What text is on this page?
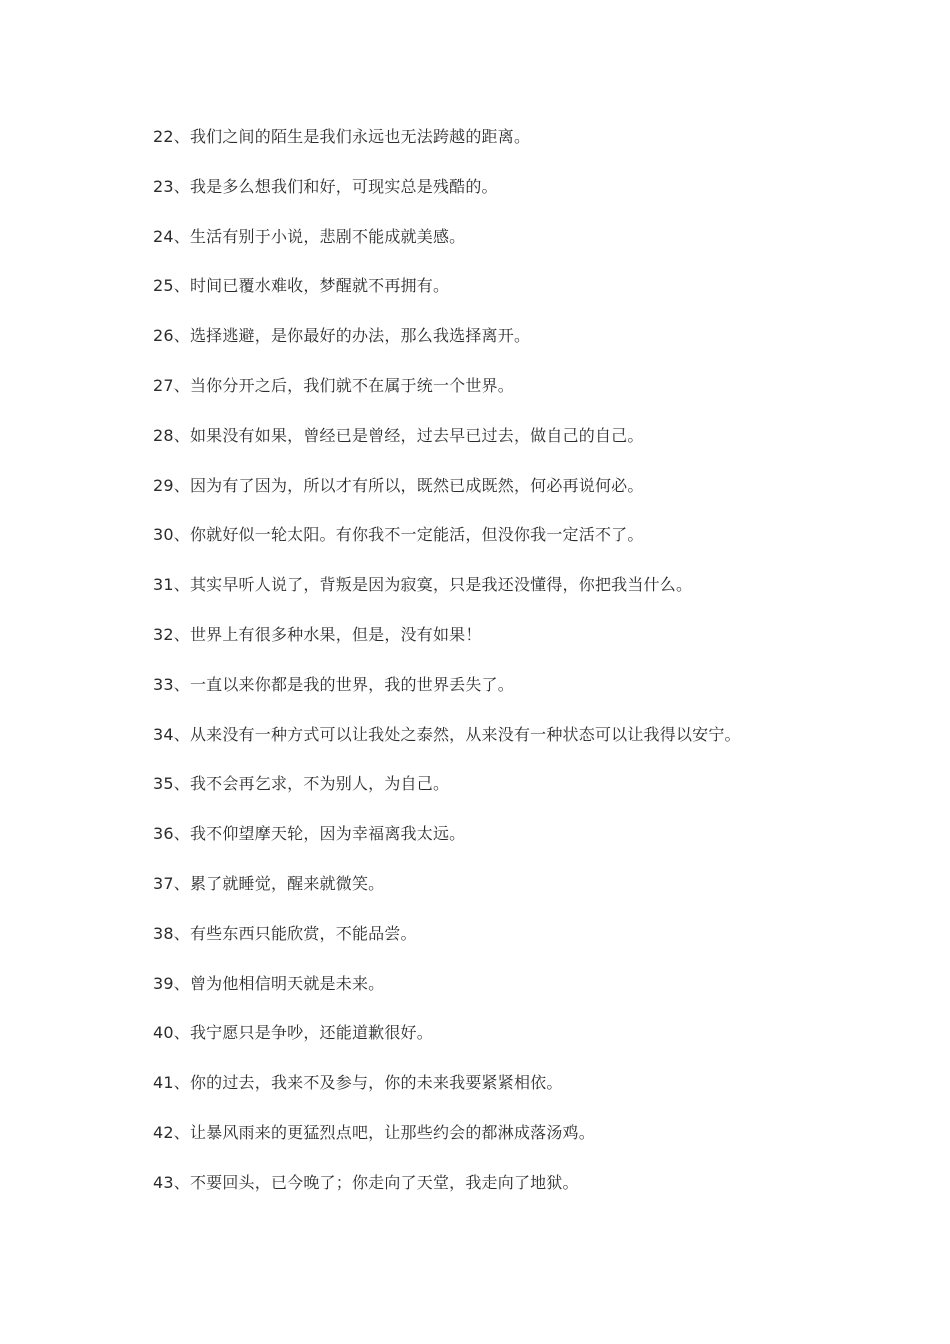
22、我们之间的陌生是我们永远也无法跨越的距离。
23、我是多么想我们和好，可现实总是残酷的。
24、生活有别于小说，悲剧不能成就美感。
25、时间已覆水难收，梦醒就不再拥有。
26、选择逃避，是你最好的办法，那么我选择离开。
27、当你分开之后，我们就不在属于统一个世界。
28、如果没有如果，曾经已是曾经，过去早已过去，做自己的自己。
29、因为有了因为，所以才有所以，既然已成既然，何必再说何必。
30、你就好似一轮太阳。有你我不一定能活，但没你我一定活不了。
31、其实早听人说了，背叛是因为寂寞，只是我还没懂得，你把我当什么。
32、世界上有很多种水果，但是，没有如果！
33、一直以来你都是我的世界，我的世界丢失了。
34、从来没有一种方式可以让我处之泰然，从来没有一种状态可以让我得以安宁。
35、我不会再乞求，不为别人，为自己。
36、我不仰望摩天轮，因为幸福离我太远。
37、累了就睡觉，醒来就微笑。
38、有些东西只能欣赏，不能品尝。
39、曾为他相信明天就是未来。
40、我宁愿只是争吵，还能道歉很好。
41、你的过去，我来不及参与，你的未来我要紧紧相依。
42、让暴风雨来的更猛烈点吧，让那些约会的都淋成落汤鸡。
43、不要回头，已今晚了；你走向了天堂，我走向了地狱。
